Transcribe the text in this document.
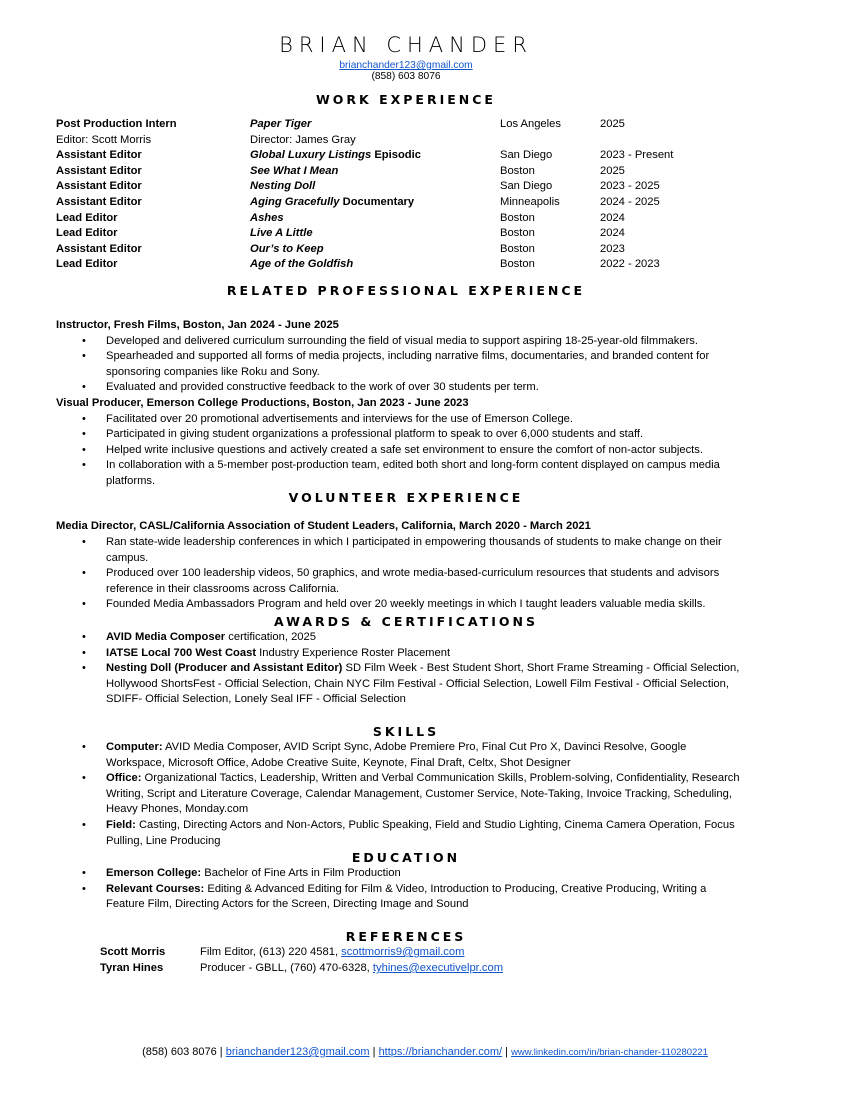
BRIAN CHANDER
brianchander123@gmail.com
(858) 603 8076
WORK EXPERIENCE
Post Production Intern	Paper Tiger	Los Angeles	2025
Editor: Scott Morris	Director: James Gray
Assistant Editor	Global Luxury Listings Episodic	San Diego	2023 - Present
Assistant Editor	See What I Mean	Boston	2025
Assistant Editor	Nesting Doll	San Diego	2023 - 2025
Assistant Editor	Aging Gracefully Documentary	Minneapolis	2024 - 2025
Lead Editor	Ashes	Boston	2024
Lead Editor	Live A Little	Boston	2024
Assistant Editor	Our’s to Keep	Boston	2023
Lead Editor	Age of the Goldfish	Boston	2022 - 2023
RELATED PROFESSIONAL EXPERIENCE
Instructor, Fresh Films, Boston, Jan 2024 - June 2025
• Developed and delivered curriculum surrounding the field of visual media to support aspiring 18-25-year-old filmmakers.
• Spearheaded and supported all forms of media projects, including narrative films, documentaries, and branded content for sponsoring companies like Roku and Sony.
• Evaluated and provided constructive feedback to the work of over 30 students per term.
Visual Producer, Emerson College Productions, Boston, Jan 2023 - June 2023
• Facilitated over 20 promotional advertisements and interviews for the use of Emerson College.
• Participated in giving student organizations a professional platform to speak to over 6,000 students and staff.
• Helped write inclusive questions and actively created a safe set environment to ensure the comfort of non-actor subjects.
• In collaboration with a 5-member post-production team, edited both short and long-form content displayed on campus media platforms.
VOLUNTEER EXPERIENCE
Media Director, CASL/California Association of Student Leaders, California, March 2020 - March 2021
• Ran state-wide leadership conferences in which I participated in empowering thousands of students to make change on their campus.
• Produced over 100 leadership videos, 50 graphics, and wrote media-based-curriculum resources that students and advisors reference in their classrooms across California.
• Founded Media Ambassadors Program and held over 20 weekly meetings in which I taught leaders valuable media skills.
AWARDS & CERTIFICATIONS
• AVID Media Composer certification, 2025
• IATSE Local 700 West Coast Industry Experience Roster Placement
• Nesting Doll (Producer and Assistant Editor) SD Film Week - Best Student Short, Short Frame Streaming - Official Selection, Hollywood ShortsFest - Official Selection, Chain NYC Film Festival - Official Selection, Lowell Film Festival - Official Selection, SDIFF- Official Selection, Lonely Seal IFF - Official Selection
SKILLS
• Computer: AVID Media Composer, AVID Script Sync, Adobe Premiere Pro, Final Cut Pro X, Davinci Resolve, Google Workspace, Microsoft Office, Adobe Creative Suite, Keynote, Final Draft, Celtx, Shot Designer
• Office: Organizational Tactics, Leadership, Written and Verbal Communication Skills, Problem-solving, Confidentiality, Research Writing, Script and Literature Coverage, Calendar Management, Customer Service, Note-Taking, Invoice Tracking, Scheduling, Heavy Phones, Monday.com
• Field: Casting, Directing Actors and Non-Actors, Public Speaking, Field and Studio Lighting, Cinema Camera Operation, Focus Pulling, Line Producing
EDUCATION
• Emerson College: Bachelor of Fine Arts in Film Production
• Relevant Courses: Editing & Advanced Editing for Film & Video, Introduction to Producing, Creative Producing, Writing a Feature Film, Directing Actors for the Screen, Directing Image and Sound
REFERENCES
Scott Morris	Film Editor, (613) 220 4581, scottmorris9@gmail.com
Tyran Hines	Producer - GBLL, (760) 470-6328, tyhines@executivelpr.com
(858) 603 8076 | brianchander123@gmail.com | https://brianchander.com/ | www.linkedin.com/in/brian-chander-110280221
